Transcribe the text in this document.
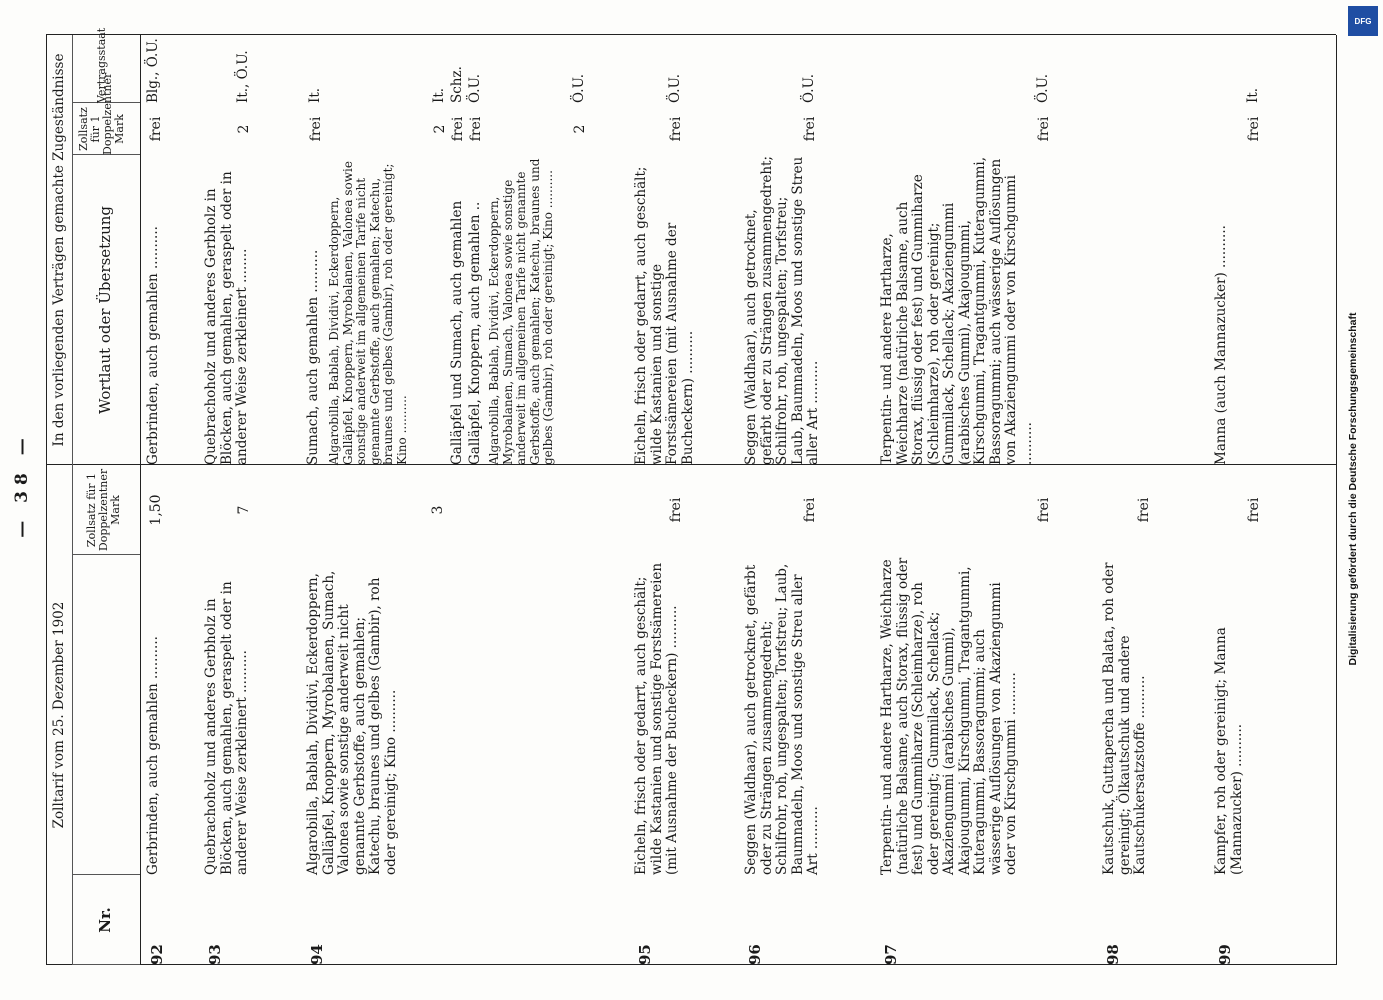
— 38 —
Zolltarif vom 25. Dezember 1902
In den vorliegenden Verträgen gemachte Zugeständnisse
Nr.
Zollsatz für 1 Doppelzentner Mark
Wortlaut oder Übersetzung
Zollsatz für 1 Doppelzentner Mark
Vertragsstaat
92
Gerbrinden, auch gemahlen ..........
1,50
Gerbrinden, auch gemahlen ..........
frei
Blg., Ö.U.
93
Quebrachoholz und anderes Gerbholz in Blöcken, auch gemahlen, geraspelt oder in anderer Weise zerkleinert ..........
7
Quebrachoholz und anderes Gerbholz in Blöcken, auch gemahlen, geraspelt oder in anderer Weise zerkleinert ........
2
It., Ö.U.
94
Algarobilla, Bablah, Dividivi, Eckerdoppern, Galläpfel, Knoppern, Myrobalanen, Sumach, Valonea sowie sonstige anderweit nicht genannte Gerbstoffe, auch gemahlen; Katechu, braunes und gelbes (Gambir), roh oder gereinigt; Kino ..........
3
Sumach, auch gemahlen ..........
frei
It.
Algarobilla, Bablah, Dividivi, Eckerdoppern, Galläpfel, Knoppern, Myrobalanen, Valonea sowie sonstige anderweit im allgemeinen Tarife nicht genannte Gerbstoffe, auch gemahlen; Katechu, braunes und gelbes (Gambir), roh oder gereinigt; Kino ..........
2
It.
Galläpfel und Sumach, auch gemahlen
frei
Schz.
Galläpfel, Knoppern, auch gemahlen ..
frei
Ö.U.
Algarobilla, Bablah, Dividivi, Eckerdoppern, Myrobalanen, Sumach, Valonea sowie sonstige anderweit im allgemeinen Tarife nicht genannte Gerbstoffe, auch gemahlen; Katechu, braunes und gelbes (Gambir), roh oder gereinigt; Kino ..........
2
Ö.U.
95
Eicheln, frisch oder gedarrt, auch geschält; wilde Kastanien und sonstige Forstsämereien (mit Ausnahme der Bucheckern) ..........
frei
Eicheln, frisch oder gedarrt, auch geschält; wilde Kastanien und sonstige Forstsämereien (mit Ausnahme der Bucheckern) ..........
frei
Ö.U.
96
Seggen (Waldhaar), auch getrocknet, gefärbt oder zu Strängen zusammengedreht; Schilfrohr, roh, ungespalten; Torfstreu; Laub, Baumnadeln, Moos und sonstige Streu aller Art ..........
frei
Seggen (Waldhaar), auch getrocknet, gefärbt oder zu Strängen zusammengedreht; Schilfrohr, roh, ungespalten; Torfstreu; Laub, Baumnadeln, Moos und sonstige Streu aller Art ..........
frei
Ö.U.
97
Terpentin- und andere Hartharze, Weichharze (natürliche Balsame, auch Storax, flüssig oder fest) und Gummiharze (Schleimharze), roh oder gereinigt; Gummilack, Schellack; Akaziengummi (arabisches Gummi), Akajougummi, Kirschgummi, Tragantgummi, Kuteragummi, Bassoragummi; auch wässerige Auflösungen von Akaziengummi oder von Kirschgummi ..........
frei
Terpentin- und andere Hartharze, Weichharze (natürliche Balsame, auch Storax, flüssig oder fest) und Gummiharze (Schleimharze), roh oder gereinigt; Gummilack, Schellack; Akaziengummi (arabisches Gummi), Akajougummi, Kirschgummi, Tragantgummi, Kuteragummi, Bassoragummi; auch wässerige Auflösungen von Akaziengummi oder von Kirschgummi ..........
frei
Ö.U.
98
Kautschuk, Guttapercha und Balata, roh oder gereinigt; Ölkautschuk und andere Kautschukersatzstoffe ..........
frei
99
Kampfer, roh oder gereinigt; Manna (Mannazucker) ..........
frei
Manna (auch Mannazucker) ..........
frei
It.
DFG
Digitalisierung gefördert durch die Deutsche Forschungsgemeinschaft
